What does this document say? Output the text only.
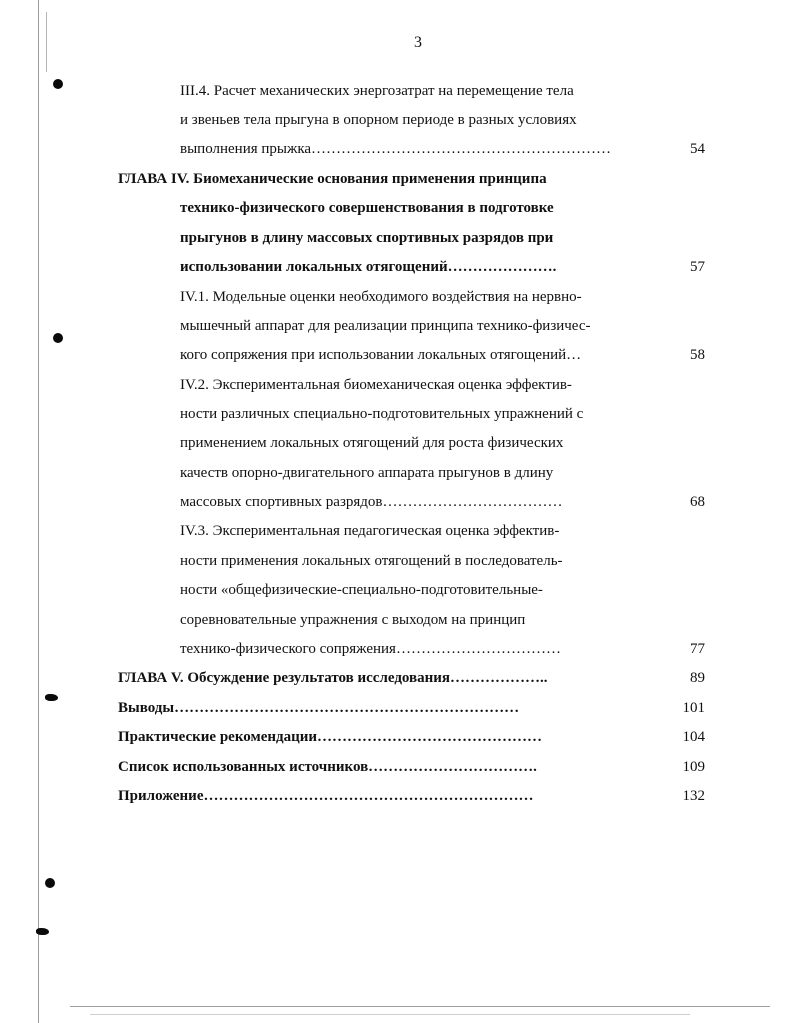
3
III.4. Расчет механических энергозатрат на перемещение тела
и звеньев тела прыгуна в опорном периоде в разных условиях
выполнения прыжка……………………………………………………	54
ГЛАВА IV. Биомеханические основания применения принципа
технико-физического совершенствования в подготовке
прыгунов в длину массовых спортивных разрядов при
использовании локальных отягощений………………….	57
IV.1. Модельные оценки необходимого воздействия на нервно-
мышечный аппарат для реализации принципа технико-физичес-
кого сопряжения при использовании локальных отягощений…	58
IV.2. Экспериментальная биомеханическая оценка эффектив-
ности различных специально-подготовительных упражнений с
применением локальных отягощений для роста физических
качеств опорно-двигательного аппарата прыгунов в длину
массовых спортивных разрядов………………………………	68
IV.3. Экспериментальная педагогическая оценка эффектив-
ности применения локальных отягощений в последователь-
ности «общефизические-специально-подготовительные-
соревновательные упражнения с выходом на принцип
технико-физического сопряжения……………………………	77
ГЛАВА V. Обсуждение результатов исследования………………..	89
Выводы……………………………………………………………	101
Практические рекомендации………………………………………	104
Список использованных источников…………………………….	109
Приложение…………………………………………………………	132
